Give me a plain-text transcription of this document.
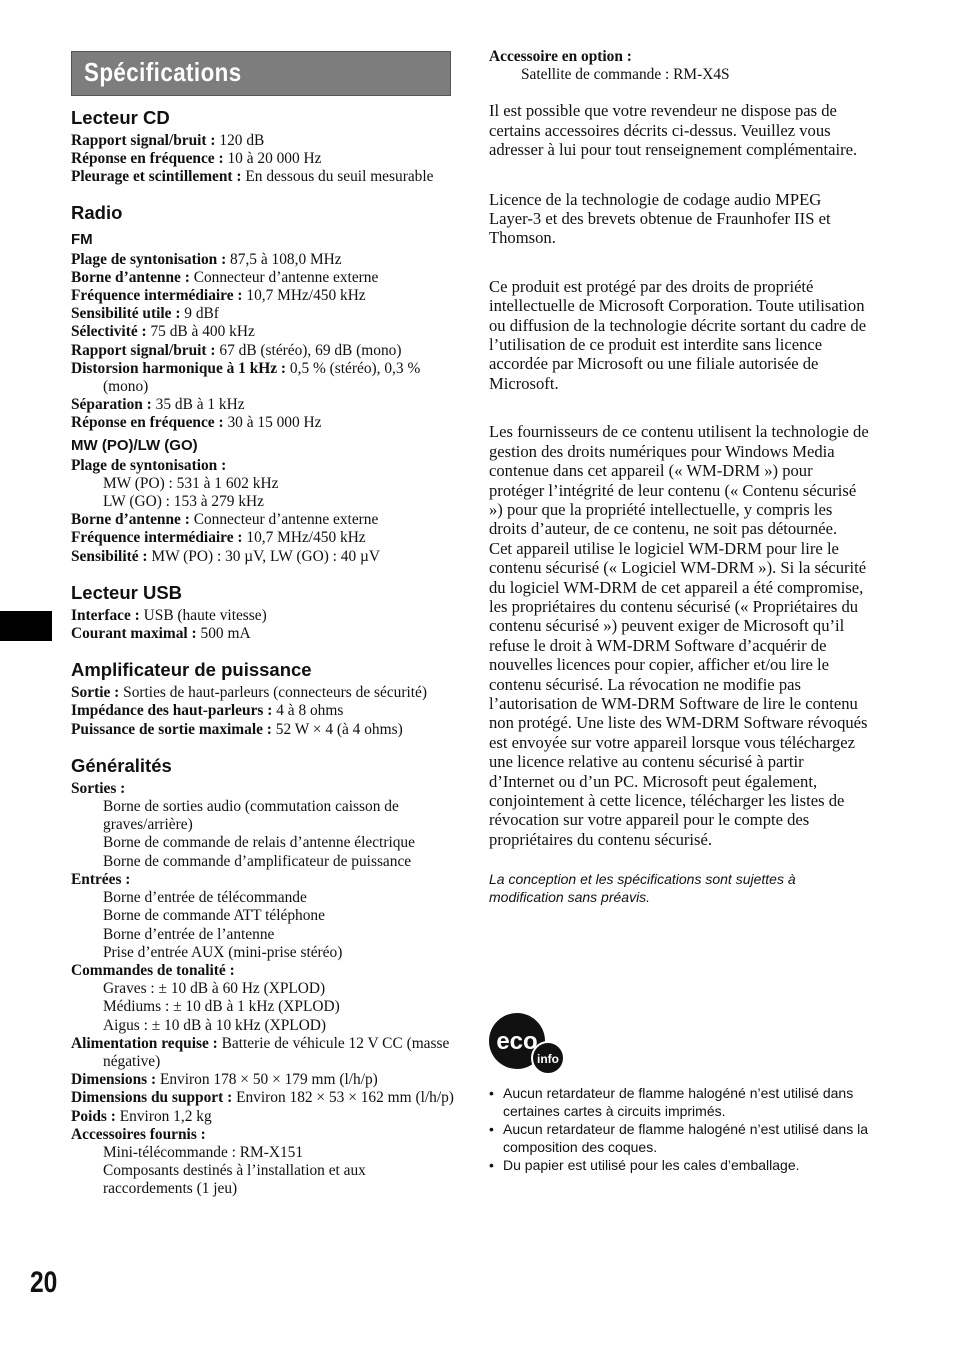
Spécifications
20
Lecteur CD
Rapport signal/bruit : 120 dB
Réponse en fréquence : 10 à 20 000 Hz
Pleurage et scintillement : En dessous du seuil mesurable
Radio
FM
Plage de syntonisation : 87,5 à 108,0 MHz
Borne d’antenne : Connecteur d’antenne externe
Fréquence intermédiaire : 10,7 MHz/450 kHz
Sensibilité utile : 9 dBf
Sélectivité : 75 dB à 400 kHz
Rapport signal/bruit : 67 dB (stéréo), 69 dB (mono)
Distorsion harmonique à 1 kHz : 0,5 % (stéréo), 0,3 % (mono)
Séparation : 35 dB à 1 kHz
Réponse en fréquence : 30 à 15 000 Hz
MW (PO)/LW (GO)
Plage de syntonisation :
MW (PO) : 531 à 1 602 kHz
LW (GO) : 153 à 279 kHz
Borne d’antenne : Connecteur d’antenne externe
Fréquence intermédiaire : 10,7 MHz/450 kHz
Sensibilité : MW (PO) : 30 µV, LW (GO) : 40 µV
Lecteur USB
Interface : USB (haute vitesse)
Courant maximal : 500 mA
Amplificateur de puissance
Sortie : Sorties de haut-parleurs (connecteurs de sécurité)
Impédance des haut-parleurs : 4 à 8 ohms
Puissance de sortie maximale : 52 W × 4 (à 4 ohms)
Généralités
Sorties :
Borne de sorties audio (commutation caisson de graves/arrière)
Borne de commande de relais d’antenne électrique
Borne de commande d’amplificateur de puissance
Entrées :
Borne d’entrée de télécommande
Borne de commande ATT téléphone
Borne d’entrée de l’antenne
Prise d’entrée AUX (mini-prise stéréo)
Commandes de tonalité :
Graves : ± 10 dB à 60 Hz (XPLOD)
Médiums : ± 10 dB à 1 kHz (XPLOD)
Aigus : ± 10 dB à 10 kHz (XPLOD)
Alimentation requise : Batterie de véhicule 12 V CC (masse négative)
Dimensions : Environ 178 × 50 × 179 mm (l/h/p)
Dimensions du support : Environ 182 × 53 × 162 mm (l/h/p)
Poids : Environ 1,2 kg
Accessoires fournis :
Mini-télécommande : RM-X151
Composants destinés à l’installation et aux raccordements (1 jeu)
Accessoire en option :
Satellite de commande : RM-X4S

Il est possible que votre revendeur ne dispose pas de certains accessoires décrits ci-dessus. Veuillez vous adresser à lui pour tout renseignement complémentaire.

Licence de la technologie de codage audio MPEG Layer-3 et des brevets obtenue de Fraunhofer IIS et Thomson.

Ce produit est protégé par des droits de propriété intellectuelle de Microsoft Corporation. Toute utilisation ou diffusion de la technologie décrite sortant du cadre de l’utilisation de ce produit est interdite sans licence accordée par Microsoft ou une filiale autorisée de Microsoft.

Les fournisseurs de ce contenu utilisent la technologie de gestion des droits numériques pour Windows Media contenue dans cet appareil (« WM-DRM ») pour protéger l’intégrité de leur contenu (« Contenu sécurisé ») pour que la propriété intellectuelle, y compris les droits d’auteur, de ce contenu, ne soit pas détournée.

Cet appareil utilise le logiciel WM-DRM pour lire le contenu sécurisé (« Logiciel WM-DRM »). Si la sécurité du logiciel WM-DRM de cet appareil a été compromise, les propriétaires du contenu sécurisé (« Propriétaires du contenu sécurisé ») peuvent exiger de Microsoft qu’il refuse le droit à WM-DRM Software d’acquérir de nouvelles licences pour copier, afficher et/ou lire le contenu sécurisé. La révocation ne modifie pas l’autorisation de WM-DRM Software de lire le contenu non protégé. Une liste des WM-DRM Software révoqués est envoyée sur votre appareil lorsque vous téléchargez une licence relative au contenu sécurisé à partir d’Internet ou d’un PC. Microsoft peut également, conjointement à cette licence, télécharger les listes de révocation sur votre appareil pour le compte des propriétaires du contenu sécurisé.

La conception et les spécifications sont sujettes à modification sans préavis.

eco
info
• Aucun retardateur de flamme halogéné n’est utilisé dans certaines cartes à circuits imprimés.
• Aucun retardateur de flamme halogéné n’est utilisé dans la composition des coques.
• Du papier est utilisé pour les cales d’emballage.
